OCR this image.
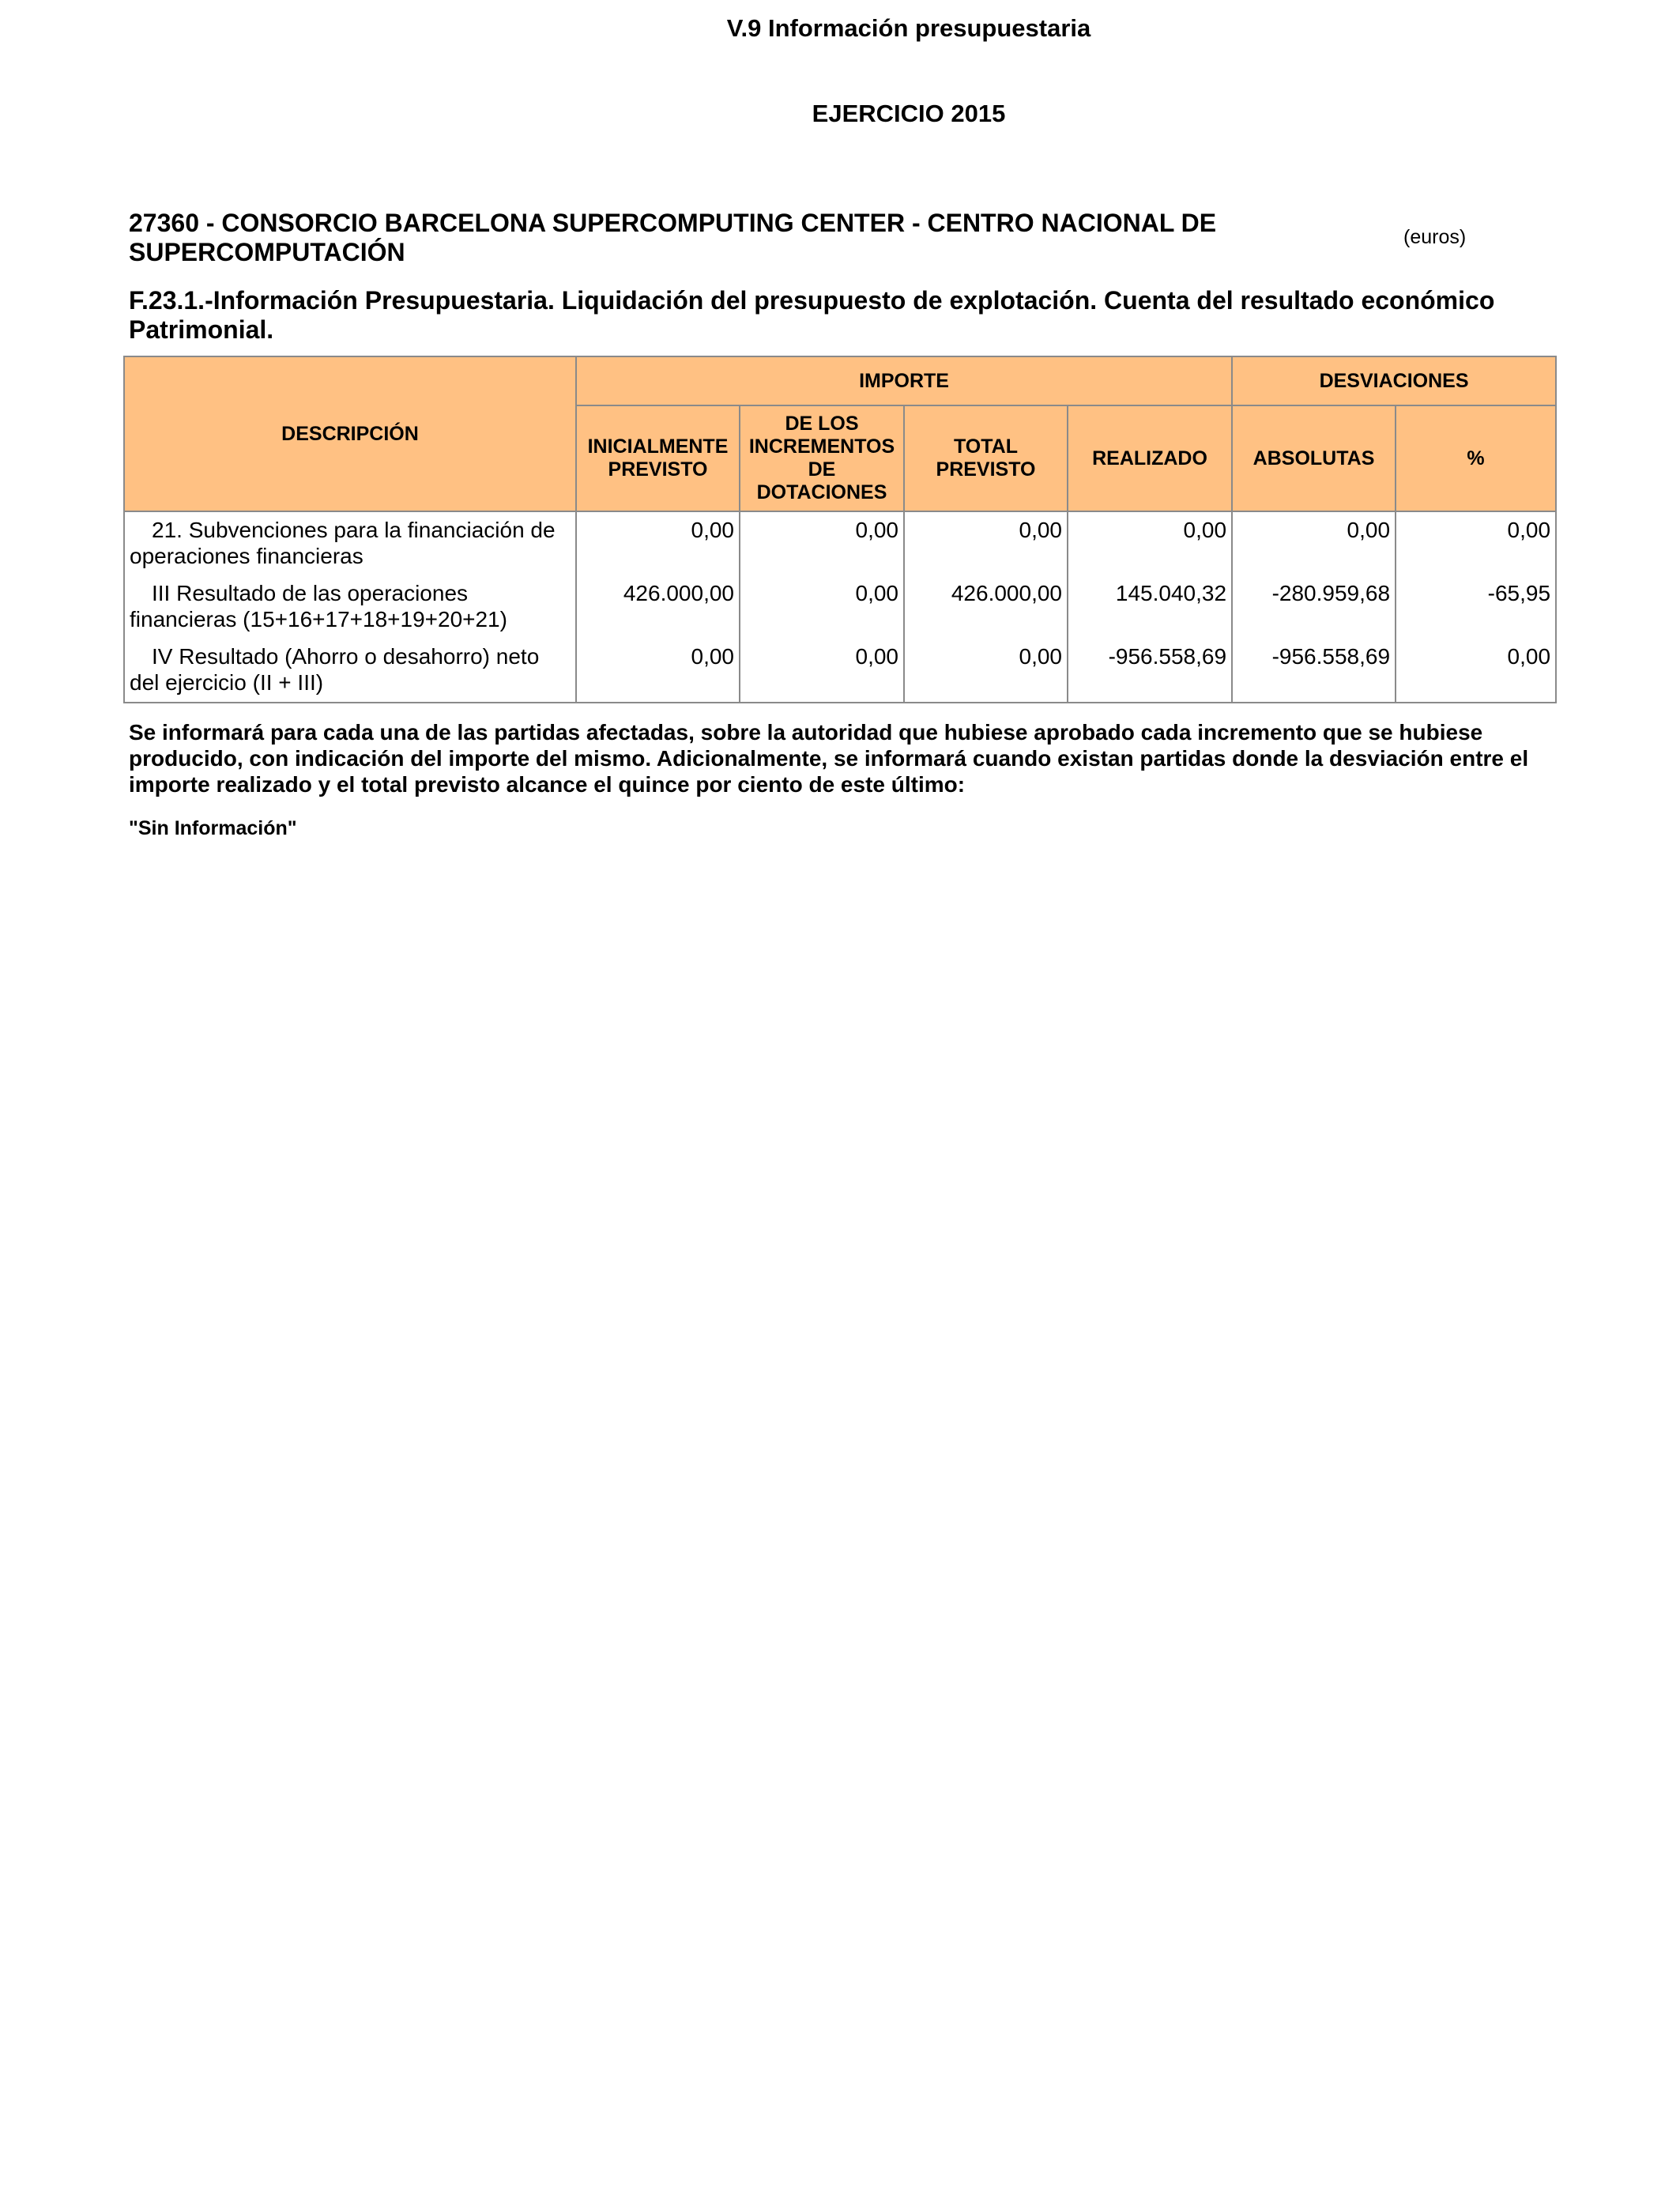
V.9 Información presupuestaria
EJERCICIO 2015
27360 - CONSORCIO BARCELONA SUPERCOMPUTING CENTER - CENTRO NACIONAL DE SUPERCOMPUTACIÓN
(euros)
F.23.1.-Información Presupuestaria. Liquidación del presupuesto de explotación. Cuenta del resultado económico Patrimonial.
DESCRIPCIÓN	IMPORTE				DESVIACIONES	
	INICIALMENTE PREVISTO	DE LOS INCREMENTOS DE DOTACIONES	TOTAL PREVISTO	REALIZADO	ABSOLUTAS	%
21. Subvenciones para la financiación de operaciones financieras	0,00	0,00	0,00	0,00	0,00	0,00
III Resultado de las operaciones financieras (15+16+17+18+19+20+21)	426.000,00	0,00	426.000,00	145.040,32	-280.959,68	-65,95
IV Resultado (Ahorro o desahorro) neto del ejercicio (II + III)	0,00	0,00	0,00	-956.558,69	-956.558,69	0,00
Se informará para cada una de las partidas afectadas, sobre la autoridad que hubiese aprobado cada incremento que se hubiese producido, con indicación del importe del mismo. Adicionalmente, se informará cuando existan partidas donde la desviación entre el importe realizado y el total previsto alcance el quince por ciento de este último:
"Sin Información"
